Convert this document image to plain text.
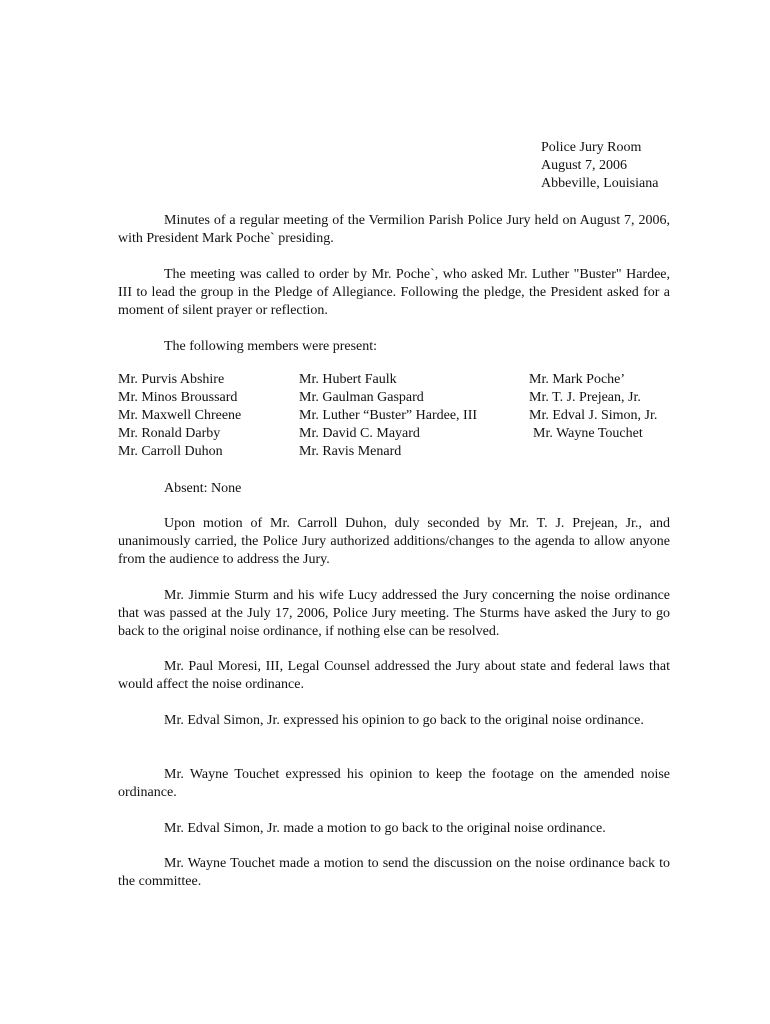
Police Jury Room
August 7, 2006
Abbeville, Louisiana

Minutes of a regular meeting of the Vermilion Parish Police Jury held on August 7, 2006, with President Mark Poche` presiding.

The meeting was called to order by Mr. Poche`, who asked Mr. Luther "Buster" Hardee, III to lead the group in the Pledge of Allegiance. Following the pledge, the President asked for a moment of silent prayer or reflection.

The following members were present:
Mr. Purvis Abshire
Mr. Minos Broussard
Mr. Maxwell Chreene
Mr. Ronald Darby
Mr. Carroll Duhon
Mr. Hubert Faulk
Mr. Gaulman Gaspard
Mr. Luther “Buster” Hardee, III
Mr. David C. Mayard
Mr. Ravis Menard
Mr. Mark Poche’
Mr. T. J. Prejean, Jr.
Mr. Edval J. Simon, Jr.
Mr. Wayne Touchet
Absent: None

Upon motion of Mr. Carroll Duhon, duly seconded by Mr. T. J. Prejean, Jr., and unanimously carried, the Police Jury authorized additions/changes to the agenda to allow anyone from the audience to address the Jury.

Mr. Jimmie Sturm and his wife Lucy addressed the Jury concerning the noise ordinance that was passed at the July 17, 2006, Police Jury meeting. The Sturms have asked the Jury to go back to the original noise ordinance, if nothing else can be resolved.

Mr. Paul Moresi, III, Legal Counsel addressed the Jury about state and federal laws that would affect the noise ordinance.

Mr. Edval Simon, Jr. expressed his opinion to go back to the original noise ordinance.

Mr. Wayne Touchet expressed his opinion to keep the footage on the amended noise ordinance.

Mr. Edval Simon, Jr. made a motion to go back to the original noise ordinance.

Mr. Wayne Touchet made a motion to send the discussion on the noise ordinance back to the committee.
